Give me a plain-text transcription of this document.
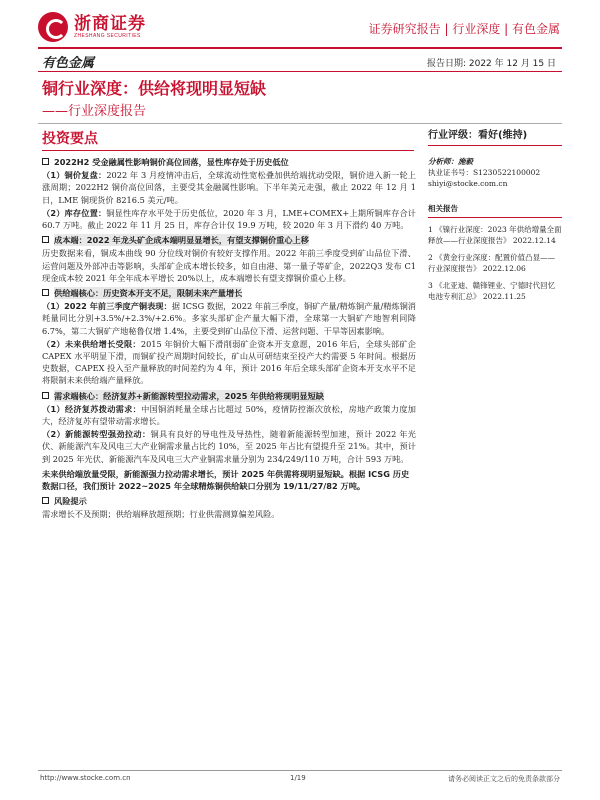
浙商证券
ZHESHANG SECURITIES	证券研究报告 | 行业深度 | 有色金属
有色金属	报告日期: 2022 年 12 月 15 日
铜行业深度：供给将现明显短缺
——行业深度报告
投资要点
2022H2 受金融属性影响铜价高位回落，显性库存处于历史低位
（1）铜价复盘：2022 年 3 月疫情冲击后，全球流动性宽松叠加供给端扰动受限，铜价进入新一轮上涨周期；2022H2 铜价高位回落，主要受其金融属性影响。下半年美元走强，截止 2022 年 12 月 1 日，LME 铜现货价 8216.5 美元/吨。
（2）库存位置：铜显性库存水平处于历史低位，2020 年 3 月，LME+COMEX+上期所铜库存合计 60.7 万吨。截止 2022 年 11 月 25 日，库存合计仅 19.9 万吨，较 2020 年 3 月下滑约 40 万吨。
成本端：2022 年龙头矿企成本端明显显增长，有望支撑铜价重心上移
历史数据来看，铜成本曲线 90 分位线对铜价有较好支撑作用。2022 年前三季度受到矿山品位下滑、运营问题及外部冲击等影响，头部矿企成本增长较多，如自由港、第一量子等矿企，2022Q3 发布 C1 现金成本较 2021 年全年成本平增长 20%以上，成本端增长有望支撑铜价重心上移。
供给端核心：历史资本开支不足，限制未来产量增长
（1）2022 年前三季度产铜表现：据 ICSG 数据，2022 年前三季度，铜矿产量/精炼铜产量/精炼铜消耗量同比分别+3.5%/+2.3%/+2.6%。多家头部矿企产量大幅下滑，全球第一大铜矿产地智利同降 6.7%，第二大铜矿产地秘鲁仅增 1.4%，主要受到矿山品位下滑、运营问题、干旱等因素影响。
（2）未来供给增长受限：2015 年铜价大幅下滑削弱矿企资本开支意愿，2016 年后，全球头部矿企 CAPEX 水平明显下滑，而铜矿投产周期时间较长，矿山从可研结束至投产大约需要 5 年时间。根据历史数据，CAPEX 投入至产量释放的时间差约为 4 年，预计 2016 年后全球头部矿企资本开支水平不足将限制未来供给端产量释放。
需求端核心：经济复苏+新能源转型拉动需求，2025 年供给将现明显短缺
（1）经济复苏拨动需求：中国铜消耗量全球占比超过 50%，疫情防控渐次放松，房地产政策力度加大，经济复苏有望带动需求增长。
（2）新能源转型强劲拉动：铜具有良好的导电性及导热性，随着新能源转型加速，预计 2022 年光伏、新能源汽车及风电三大产业铜需求量占比约 10%，至 2025 年占比有望提升至 21%。其中，预计到 2025 年光伏、新能源汽车及风电三大产业铜需求量分别为 234/249/110 万吨，合计 593 万吨。
未来供给端放量受限，新能源强力拉动需求增长，预计 2025 年供需将现明显短缺。根据 ICSG 历史数据口径，我们预计 2022~2025 年全球精炼铜供给缺口分别为 19/11/27/82 万吨。
风险提示
需求增长不及预期；供给端释放超预期；行业供需测算偏差风险。
行业评级：看好(维持)
分析师：施毅
执业证书号：S1230522100002
shiyi@stocke.com.cn
相关报告
1 《镍行业深度：2023 年供给增量全面释放——行业深度报告》 2022.12.14
2 《黄金行业深度：配置价值凸显——行业深度报告》 2022.12.06
3 《北亚迪、赣锋锂业、宁德时代回忆电池专利汇总》 2022.11.25
http://www.stocke.com.cn	1/19	请务必阅读正文之后的免责条款部分
